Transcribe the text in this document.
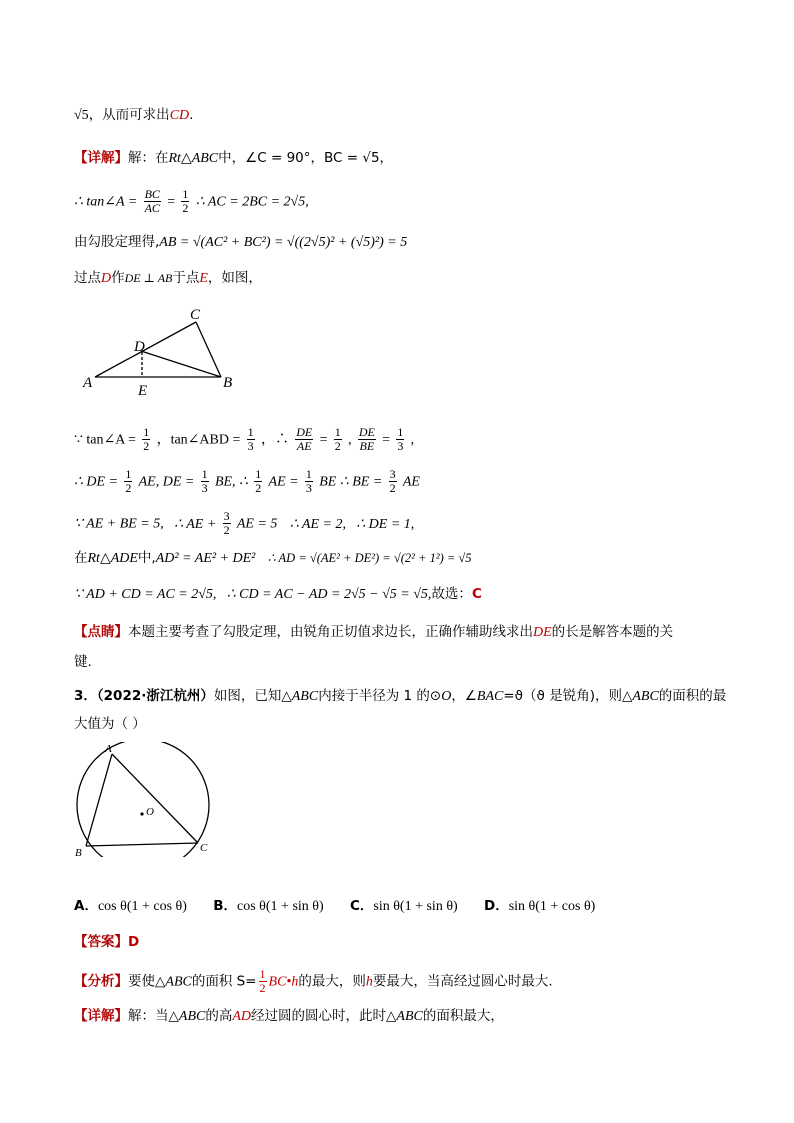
√5，从而可求出CD.
【详解】解：在Rt△ABC中，∠C = 90°，BC = √5，
∴ tan∠A = $\frac{BC}{AC} = \frac{1}{2}$ ∴ AC = 2BC = 2√5,
由勾股定理得,AB = √(AC² + BC²) = √((2√5)² + (√5)²) = 5
过点D作DE ⊥ AB于点E，如图，
A	B
C
D
E
∵ tan∠A = $\frac{1}{2}$ ，tan∠ABD = $\frac{1}{3}$ ，∴ $\frac{DE}{AE} = \frac{1}{2}$ , $\frac{DE}{BE} = \frac{1}{3}$ ,
∴ DE = $\frac{1}{2}$ AE, DE = $\frac{1}{3}$ BE, ∴ $\frac{1}{2}$ AE = $\frac{1}{3}$ BE ∴ BE = $\frac{3}{2}$ AE
∵ AE + BE = 5, ∴ AE + $\frac{3}{2}$ AE = 5 ∴ AE = 2, ∴ DE = 1,
在Rt△ADE中,AD² = AE² + DE² ∴ AD = √(AE² + DE²) = √(2² + 1²) = √5
∵ AD + CD = AC = 2√5, ∴ CD = AC − AD = 2√5 − √5 = √5,故选：C
【点睛】本题主要考查了勾股定理，由锐角正切值求边长，正确作辅助线求出DE的长是解答本题的关
键.
3．（2022·浙江杭州）如图，已知△ABC内接于半径为 1 的⊙O，∠BAC=ϑ（ϑ 是锐角)，则△ABC的面积的最
大值为（ ）
A
B	C
O
A．cos θ(1 + cos θ) B．cos θ(1 + sin θ) C．sin θ(1 + sin θ) D．sin θ(1 + cos θ)
【答案】D
【分析】要使△ABC的面积 $S= \frac{1}{2}$ BC•h的最大，则h要最大，当高经过圆心时最大.
【详解】解：当△ABC的高AD经过圆的圆心时，此时△ABC的面积最大，
